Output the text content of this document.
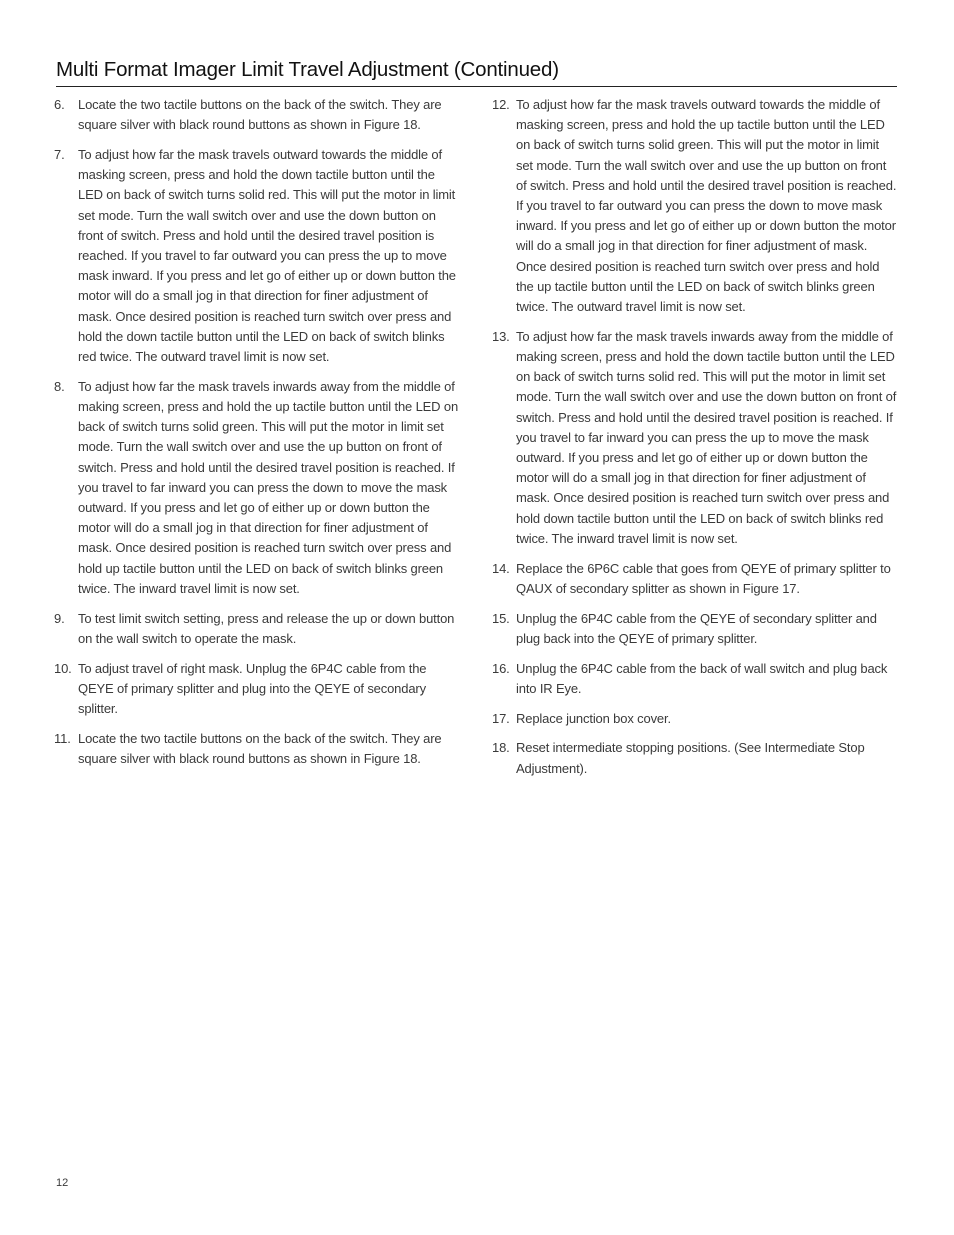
Multi Format Imager Limit Travel Adjustment (Continued)
6.	Locate the two tactile buttons on the back of the switch. They are square silver with black round buttons as shown in Figure 18.
7.	To adjust how far the mask travels outward towards the middle of masking screen, press and hold the down tactile button until the LED on back of switch turns solid red. This will put the motor in limit set mode. Turn the wall switch over and use the down button on front of switch. Press and hold until the desired travel position is reached. If you travel to far outward you can press the up to move mask inward. If you press and let go of either up or down button the motor will do a small jog in that direction for finer adjustment of mask. Once desired position is reached turn switch over press and hold the down tactile button until the LED on back of switch blinks red twice. The outward travel limit is now set.
8.	To adjust how far the mask travels inwards away from the middle of making screen, press and hold the up tactile button until the LED on back of switch turns solid green. This will put the motor in limit set mode. Turn the wall switch over and use the up button on front of switch. Press and hold until the desired travel position is reached. If you travel to far inward you can press the down to move the mask outward. If you press and let go of either up or down button the motor will do a small jog in that direction for finer adjustment of mask. Once desired position is reached turn switch over press and hold up tactile button until the LED on back of switch blinks green twice. The inward travel limit is now set.
9.	To test limit switch setting, press and release the up or down button on the wall switch to operate the mask.
10. To adjust travel of right mask. Unplug the 6P4C cable from the QEYE of primary splitter and plug into the QEYE of secondary splitter.
11. Locate the two tactile buttons on the back of the switch. They are square silver with black round buttons as shown in Figure 18.
12. To adjust how far the mask travels outward towards the middle of masking screen, press and hold the up tactile button until the LED on back of switch turns solid green. This will put the motor in limit set mode. Turn the wall switch over and use the up button on front of switch. Press and hold until the desired travel position is reached. If you travel to far outward you can press the down to move mask inward. If you press and let go of either up or down button the motor will do a small jog in that direction for finer adjustment of mask. Once desired position is reached turn switch over press and hold the up tactile button until the LED on back of switch blinks green twice. The outward travel limit is now set.
13. To adjust how far the mask travels inwards away from the middle of making screen, press and hold the down tactile button until the LED on back of switch turns solid red. This will put the motor in limit set mode. Turn the wall switch over and use the down button on front of switch. Press and hold until the desired travel position is reached. If you travel to far inward you can press the up to move the mask outward. If you press and let go of either up or down button the motor will do a small jog in that direction for finer adjustment of mask. Once desired position is reached turn switch over press and hold down tactile button until the LED on back of switch blinks red twice. The inward travel limit is now set.
14. Replace the 6P6C cable that goes from QEYE of primary splitter to QAUX of secondary splitter as shown in Figure 17.
15. Unplug the 6P4C cable from the QEYE of secondary splitter and plug back into the QEYE of primary splitter.
16. Unplug the 6P4C cable from the back of wall switch and plug back into IR Eye.
17. Replace junction box cover.
18. Reset intermediate stopping positions. (See Intermediate Stop Adjustment).
12
